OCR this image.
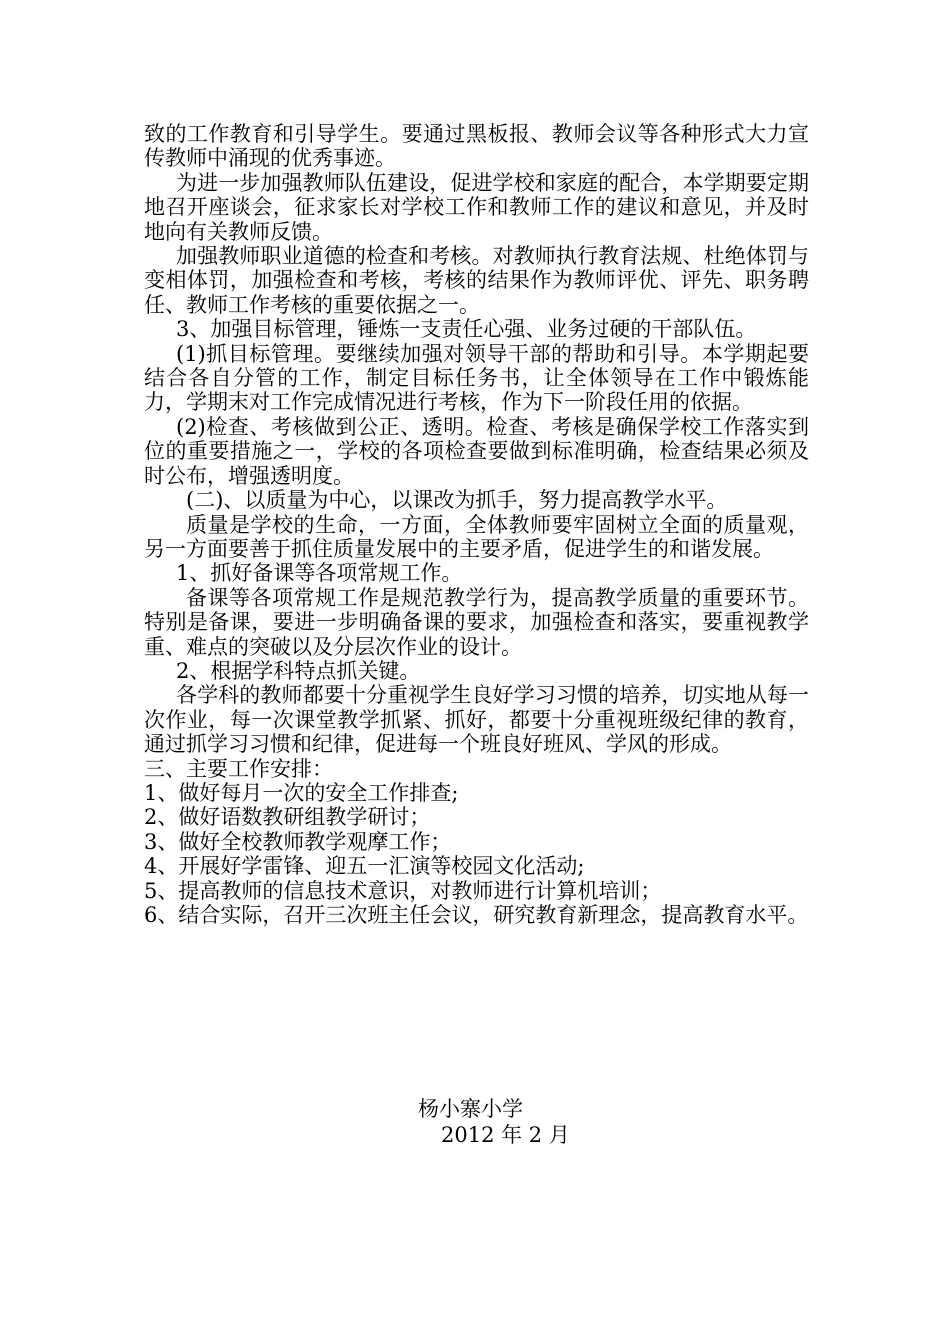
致的工作教育和引导学生。要通过黑板报、教师会议等各种形式大力宣传教师中涌现的优秀事迹。

为进一步加强教师队伍建设，促进学校和家庭的配合，本学期要定期地召开座谈会，征求家长对学校工作和教师工作的建议和意见，并及时地向有关教师反馈。

加强教师职业道德的检查和考核。对教师执行教育法规、杜绝体罚与变相体罚，加强检查和考核，考核的结果作为教师评优、评先、职务聘任、教师工作考核的重要依据之一。

3、加强目标管理，锤炼一支责任心强、业务过硬的干部队伍。

(1)抓目标管理。要继续加强对领导干部的帮助和引导。本学期起要结合各自分管的工作，制定目标任务书，让全体领导在工作中锻炼能力，学期末对工作完成情况进行考核，作为下一阶段任用的依据。

(2)检查、考核做到公正、透明。检查、考核是确保学校工作落实到位的重要措施之一，学校的各项检查要做到标准明确，检查结果必须及时公布，增强透明度。

(二)、以质量为中心，以课改为抓手，努力提高教学水平。

质量是学校的生命，一方面，全体教师要牢固树立全面的质量观，另一方面要善于抓住质量发展中的主要矛盾，促进学生的和谐发展。

1、抓好备课等各项常规工作。

备课等各项常规工作是规范教学行为，提高教学质量的重要环节。特别是备课，要进一步明确备课的要求，加强检查和落实，要重视教学重、难点的突破以及分层次作业的设计。

2、根据学科特点抓关键。

各学科的教师都要十分重视学生良好学习习惯的培养，切实地从每一次作业，每一次课堂教学抓紧、抓好，都要十分重视班级纪律的教育，通过抓学习习惯和纪律，促进每一个班良好班风、学风的形成。

三、主要工作安排：

1、做好每月一次的安全工作排查;

2、做好语数教研组教学研讨；

3、做好全校教师教学观摩工作；

4、开展好学雷锋、迎五一汇演等校园文化活动;

5、提高教师的信息技术意识，对教师进行计算机培训；

6、结合实际，召开三次班主任会议，研究教育新理念，提高教育水平。

杨小寨小学
2012 年 2 月
